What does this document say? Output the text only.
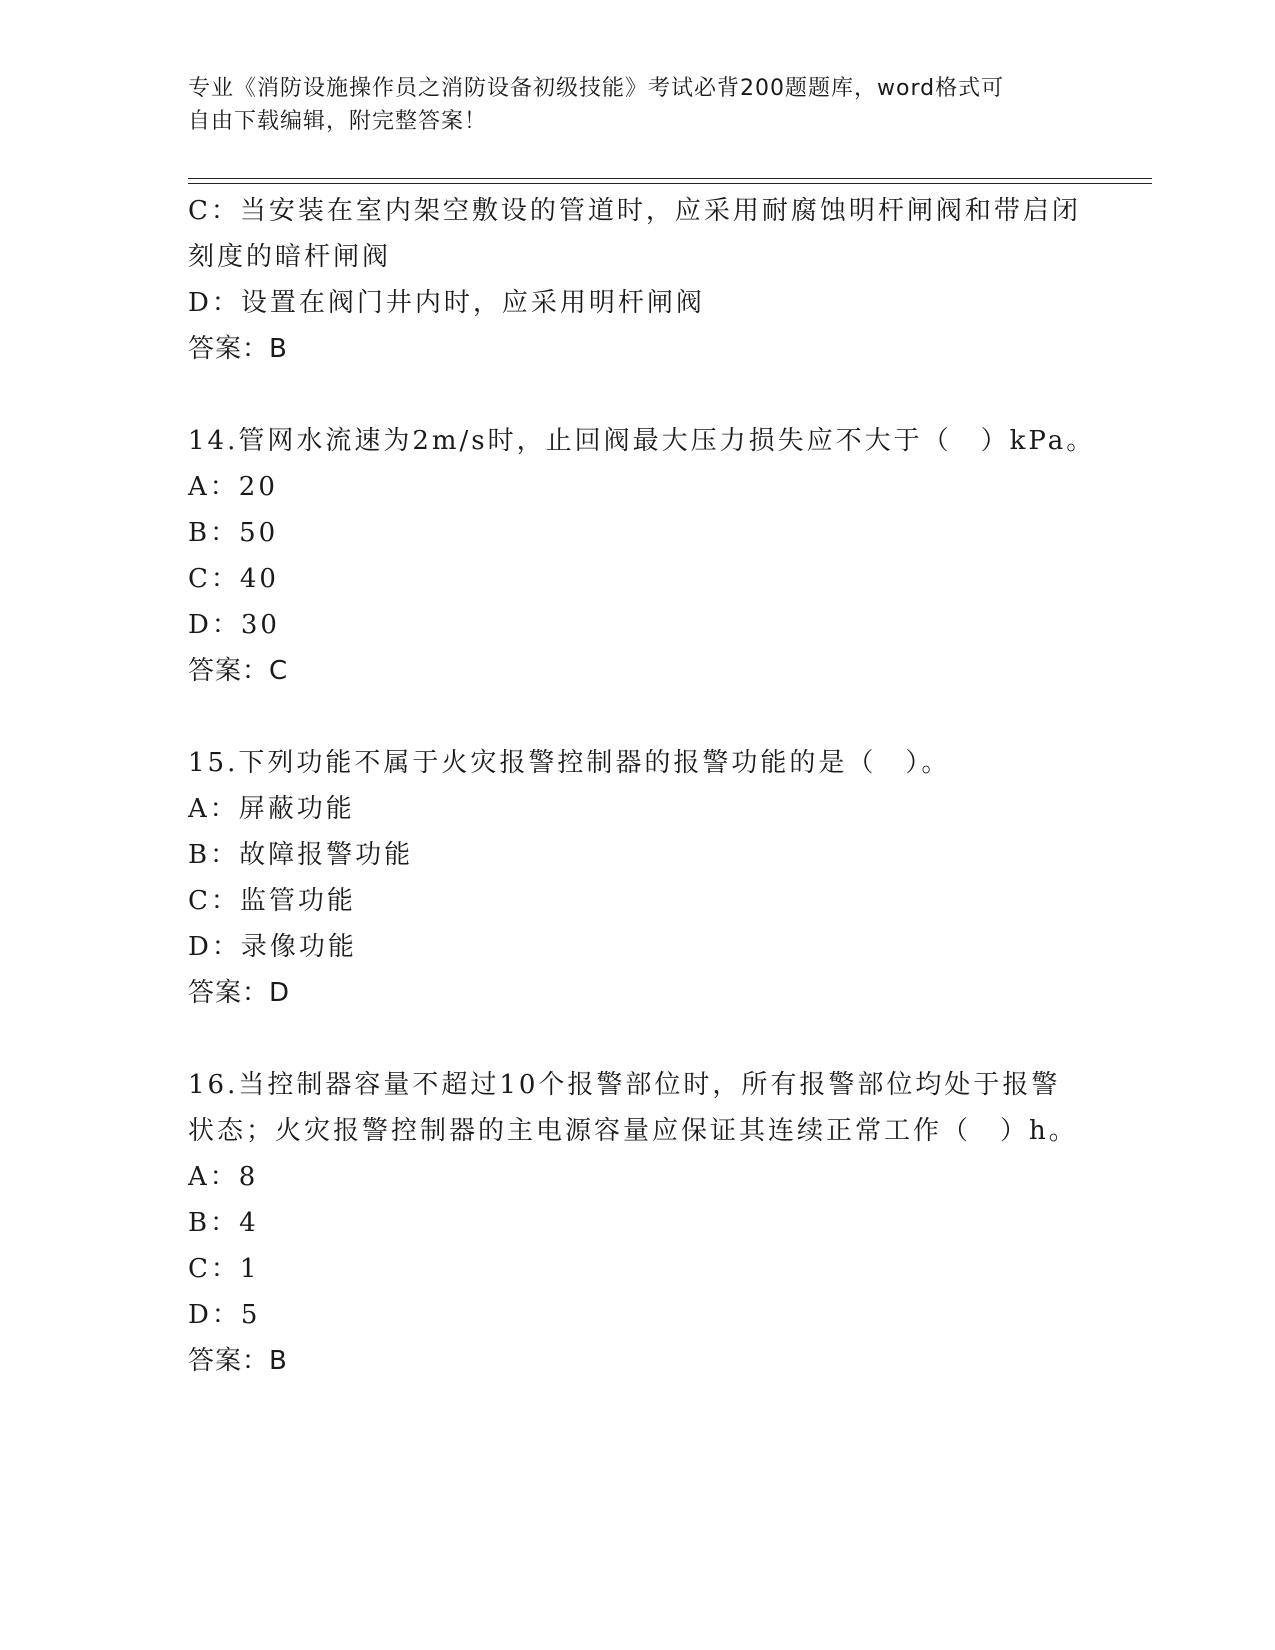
专业《消防设施操作员之消防设备初级技能》考试必背200题题库，word格式可
自由下载编辑，附完整答案！
C：当安装在室内架空敷设的管道时，应采用耐腐蚀明杆闸阀和带启闭
刻度的暗杆闸阀
D：设置在阀门井内时，应采用明杆闸阀
答案：B
14.管网水流速为2m/s时，止回阀最大压力损失应不大于（　）kPa。
A：20
B：50
C：40
D：30
答案：C
15.下列功能不属于火灾报警控制器的报警功能的是（　）。
A：屏蔽功能
B：故障报警功能
C：监管功能
D：录像功能
答案：D
16.当控制器容量不超过10个报警部位时，所有报警部位均处于报警
状态；火灾报警控制器的主电源容量应保证其连续正常工作（　）h。
A：8
B：4
C：1
D：5
答案：B
